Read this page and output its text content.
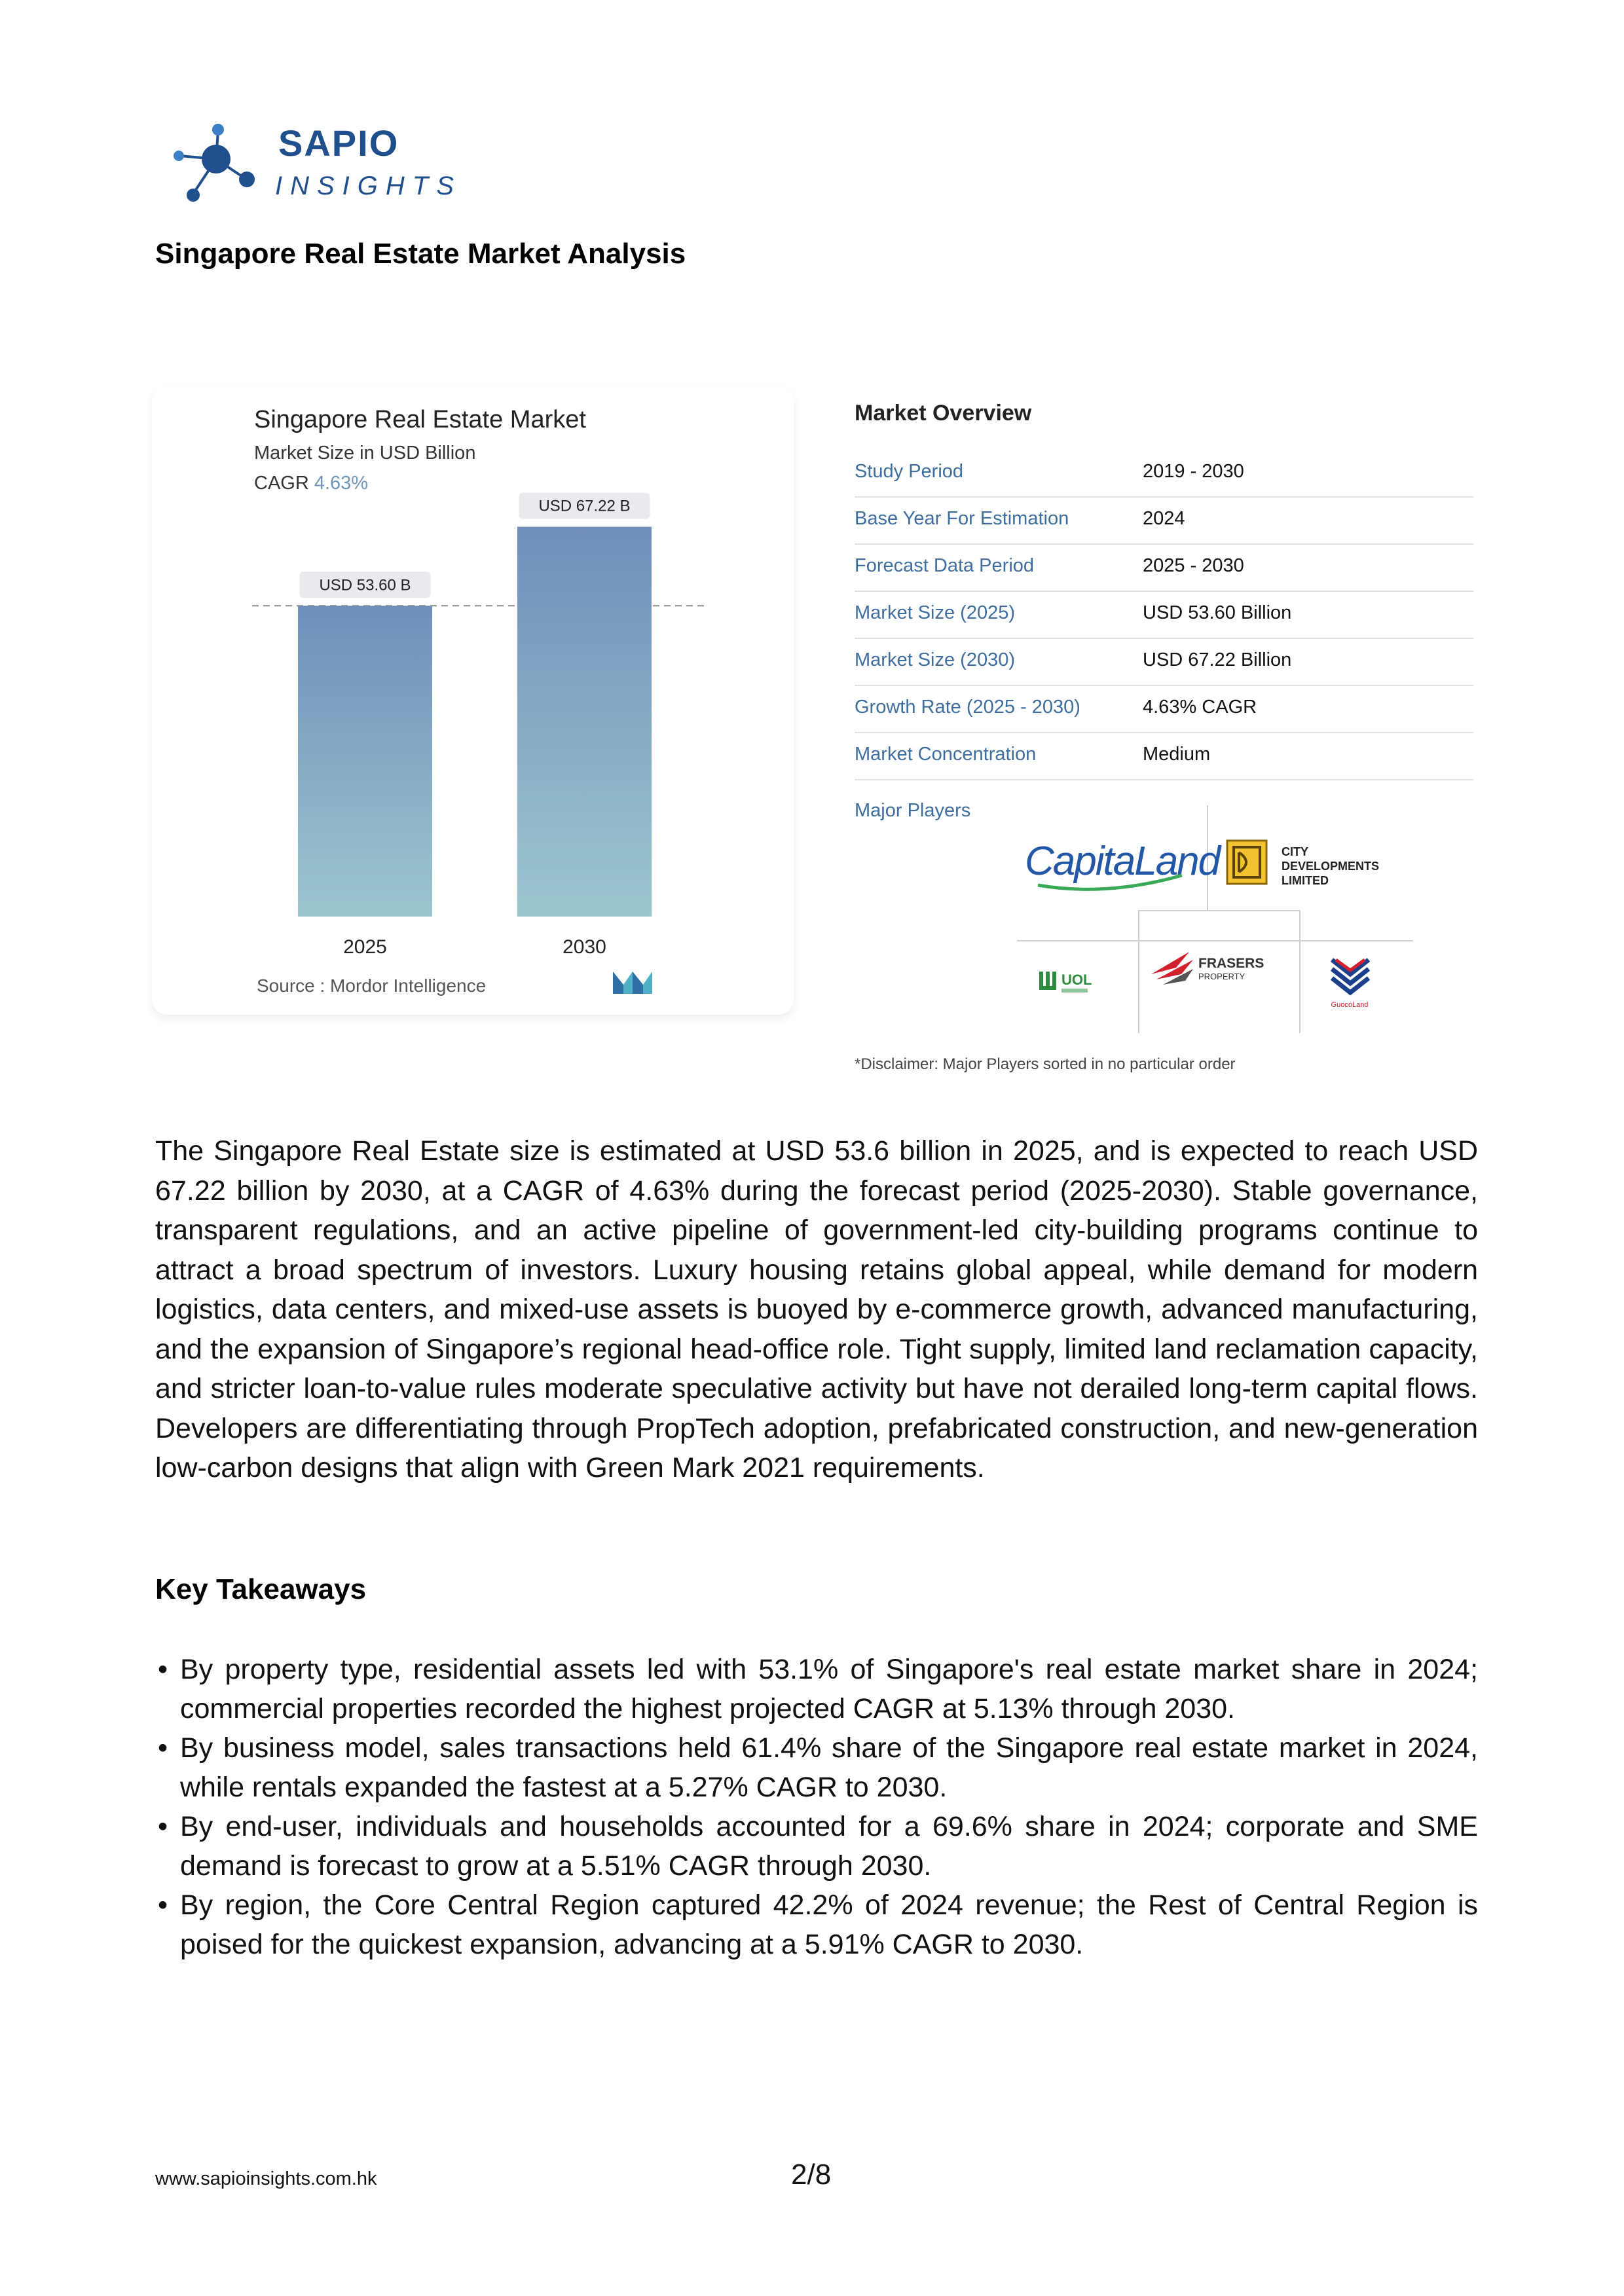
SAPIO
INSIGHTS
Singapore Real Estate Market Analysis
Singapore Real Estate Market
Market Size in USD Billion
CAGR 4.63%
USD 53.60 B
2025
USD 67.22 B
2030
Source : Mordor Intelligence
Market Overview
Study Period	2019 - 2030
Base Year For Estimation	2024
Forecast Data Period	2025 - 2030
Market Size (2025)	USD 53.60 Billion
Market Size (2030)	USD 67.22 Billion
Growth Rate (2025 - 2030)	4.63% CAGR
Market Concentration	Medium
Major Players
CapitaLand	CITY
DEVELOPMENTS
LIMITED
UOL
FRASERS
PROPERTY
GuocoLand
*Disclaimer: Major Players sorted in no particular order
The Singapore Real Estate size is estimated at USD 53.6 billion in 2025, and is expected to reach USD 67.22 billion by 2030, at a CAGR of 4.63% during the forecast period (2025-2030). Stable governance, transparent regulations, and an active pipeline of government-led city-building programs continue to attract a broad spectrum of investors. Luxury housing retains global appeal, while demand for modern logistics, data centers, and mixed-use assets is buoyed by e-commerce growth, advanced manufacturing, and the expansion of Singapore’s regional head-office role. Tight supply, limited land reclamation capacity, and stricter loan-to-value rules moderate speculative activity but have not derailed long-term capital flows. Developers are differentiating through PropTech adoption, prefabricated construction, and new-generation low-carbon designs that align with Green Mark 2021 requirements.
Key Takeaways
• By property type, residential assets led with 53.1% of Singapore's real estate market share in 2024; commercial properties recorded the highest projected CAGR at 5.13% through 2030.
• By business model, sales transactions held 61.4% share of the Singapore real estate market in 2024, while rentals expanded the fastest at a 5.27% CAGR to 2030.
• By end-user, individuals and households accounted for a 69.6% share in 2024; corporate and SME demand is forecast to grow at a 5.51% CAGR through 2030.
• By region, the Core Central Region captured 42.2% of 2024 revenue; the Rest of Central Region is poised for the quickest expansion, advancing at a 5.91% CAGR to 2030.
www.sapioinsights.com.hk	2/8
